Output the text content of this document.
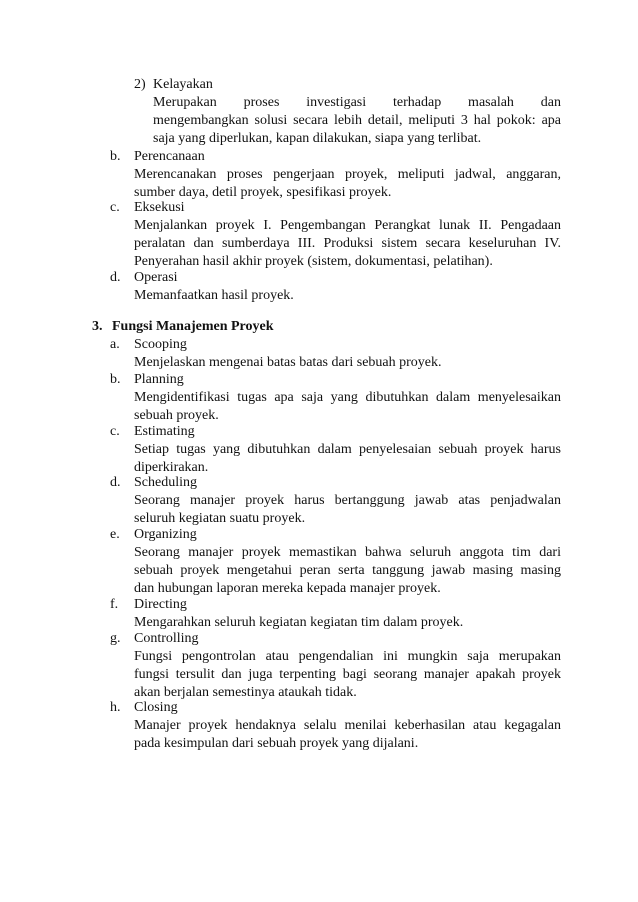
2) Kelayakan
Merupakan proses investigasi terhadap masalah dan
mengembangkan solusi secara lebih detail, meliputi 3 hal pokok: apa
saja yang diperlukan, kapan dilakukan, siapa yang terlibat.
b. Perencanaan
Merencanakan proses pengerjaan proyek, meliputi jadwal, anggaran,
sumber daya, detil proyek, spesifikasi proyek.
c. Eksekusi
Menjalankan proyek I. Pengembangan Perangkat lunak II. Pengadaan
peralatan dan sumberdaya III. Produksi sistem secara keseluruhan IV.
Penyerahan hasil akhir proyek (sistem, dokumentasi, pelatihan).
d. Operasi
Memanfaatkan hasil proyek.
3. Fungsi Manajemen Proyek
a. Scooping
Menjelaskan mengenai batas batas dari sebuah proyek.
b. Planning
Mengidentifikasi tugas apa saja yang dibutuhkan dalam menyelesaikan
sebuah proyek.
c. Estimating
Setiap tugas yang dibutuhkan dalam penyelesaian sebuah proyek harus
diperkirakan.
d. Scheduling
Seorang manajer proyek harus bertanggung jawab atas penjadwalan
seluruh kegiatan suatu proyek.
e. Organizing
Seorang manajer proyek memastikan bahwa seluruh anggota tim dari
sebuah proyek mengetahui peran serta tanggung jawab masing masing
dan hubungan laporan mereka kepada manajer proyek.
f. Directing
Mengarahkan seluruh kegiatan kegiatan tim dalam proyek.
g. Controlling
Fungsi pengontrolan atau pengendalian ini mungkin saja merupakan
fungsi tersulit dan juga terpenting bagi seorang manajer apakah proyek
akan berjalan semestinya ataukah tidak.
h. Closing
Manajer proyek hendaknya selalu menilai keberhasilan atau kegagalan
pada kesimpulan dari sebuah proyek yang dijalani.
